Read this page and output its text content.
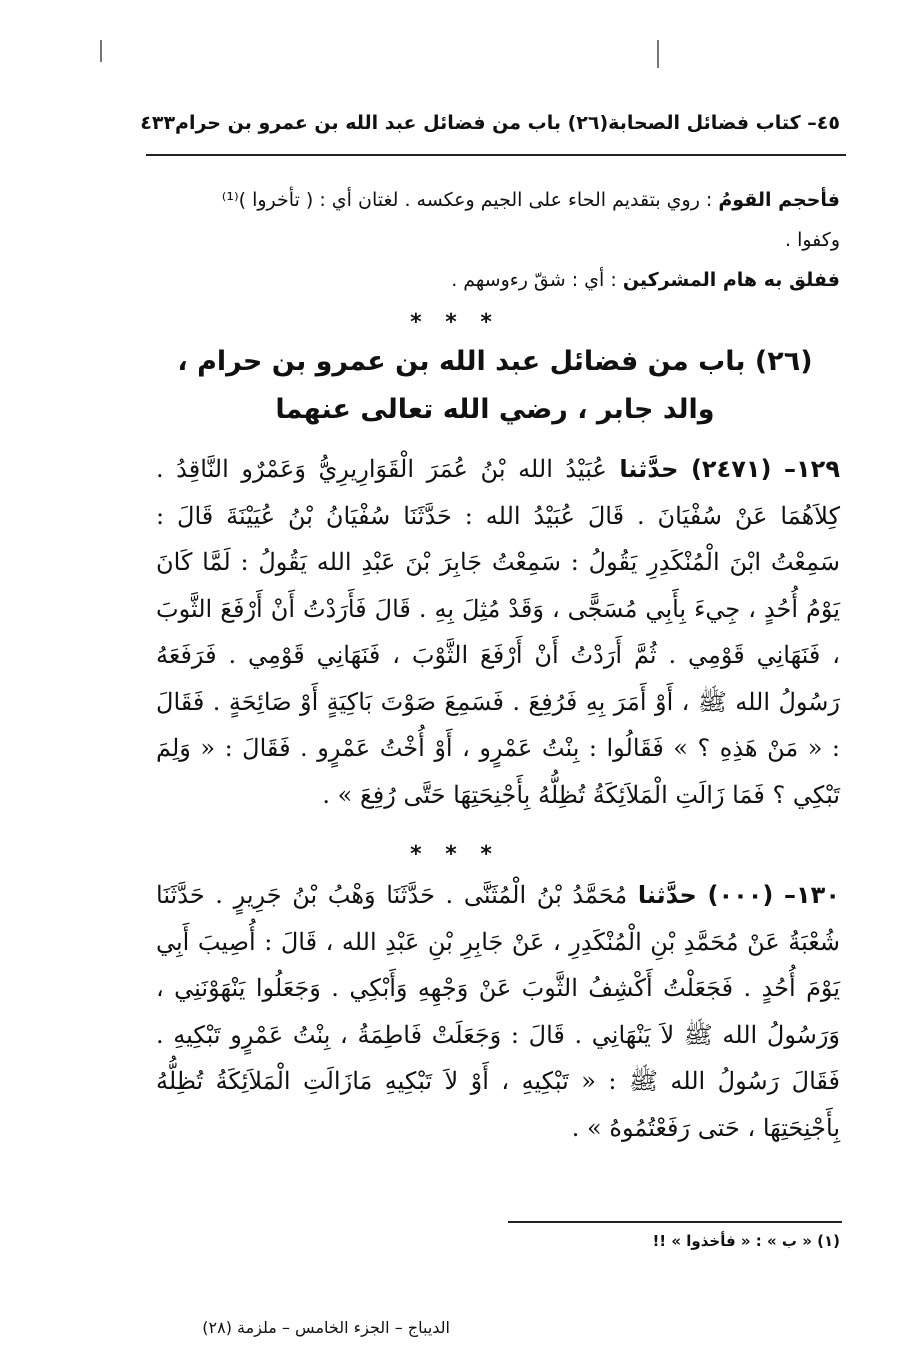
٤٥– كتاب فضائل الصحابة(٢٦) باب من فضائل عبد الله بن عمرو بن حرام٤٣٣

فأحجم القومُ : روي بتقديم الحاء على الجيم وعكسه . لغتان أي : ( تأخروا )⁽¹⁾

وكفوا .

ففلق به هام المشركين : أي : شقّ رءوسهم .

* * *
(٢٦) باب من فضائل عبد الله بن عمرو بن حرام ،
والد جابر ، رضي الله تعالى عنهما
١٢٩– (٢٤٧١) حدَّثنا عُبَيْدُ الله بْنُ عُمَرَ الْقَوَارِيرِيُّ وَعَمْرٌو النَّاقِدُ . كِلاَهُمَا عَنْ سُفْيَانَ . قَالَ عُبَيْدُ الله : حَدَّثَنَا سُفْيَانُ بْنُ عُيَيْنَةَ قَالَ : سَمِعْتُ ابْنَ الْمُنْكَدِرِ يَقُولُ : سَمِعْتُ جَابِرَ بْنَ عَبْدِ الله يَقُولُ : لَمَّا كَانَ يَوْمُ أُحُدٍ ، جِيءَ بِأَبِي مُسَجًّى ، وَقَدْ مُثِلَ بِهِ . قَالَ فَأَرَدْتُ أَنْ أَرْفَعَ الثَّوبَ ، فَنَهَانِي قَوْمِي . ثُمَّ أَرَدْتُ أَنْ أَرْفَعَ الثَّوْبَ ، فَنَهَانِي قَوْمِي . فَرَفَعَهُ رَسُولُ الله ﷺ ، أَوْ أَمَرَ بِهِ فَرُفِعَ . فَسَمِعَ صَوْتَ بَاكِيَةٍ أَوْ صَائِحَةٍ . فَقَالَ : « مَنْ هَذِهِ ؟ » فَقَالُوا : بِنْتُ عَمْرٍو ، أَوْ أُخْتُ عَمْرٍو . فَقَالَ : « وَلِمَ تَبْكِي ؟ فَمَا زَالَتِ الْمَلاَئِكَةُ تُظِلُّهُ بِأَجْنِحَتِهَا حَتَّى رُفِعَ » .
* * *
١٣٠– (٠٠٠) حدَّثنا مُحَمَّدُ بْنُ الْمُثَنَّى . حَدَّثَنَا وَهْبُ بْنُ جَرِيرٍ . حَدَّثَنَا شُعْبَةُ عَنْ مُحَمَّدِ بْنِ الْمُنْكَدِرِ ، عَنْ جَابِرِ بْنِ عَبْدِ الله ، قَالَ : أُصِيبَ أَبِي يَوْمَ أُحُدٍ . فَجَعَلْتُ أَكْشِفُ الثَّوبَ عَنْ وَجْهِهِ وَأَبْكِي . وَجَعَلُوا يَنْهَوْنَنِي ، وَرَسُولُ الله ﷺ لاَ يَنْهَانِي . قَالَ : وَجَعَلَتْ فَاطِمَةُ ، بِنْتُ عَمْرٍو تَبْكِيهِ . فَقَالَ رَسُولُ الله ﷺ : « تَبْكِيهِ ، أَوْ لاَ تَبْكِيهِ مَازَالَتِ الْمَلاَئِكَةُ تُظِلُّهُ بِأَجْنِحَتِهَا ، حَتى رَفَعْتُمُوهُ » .
(١) « ب » : « فأخذوا » !!
الديباج – الجزء الخامس – ملزمة (٢٨)
